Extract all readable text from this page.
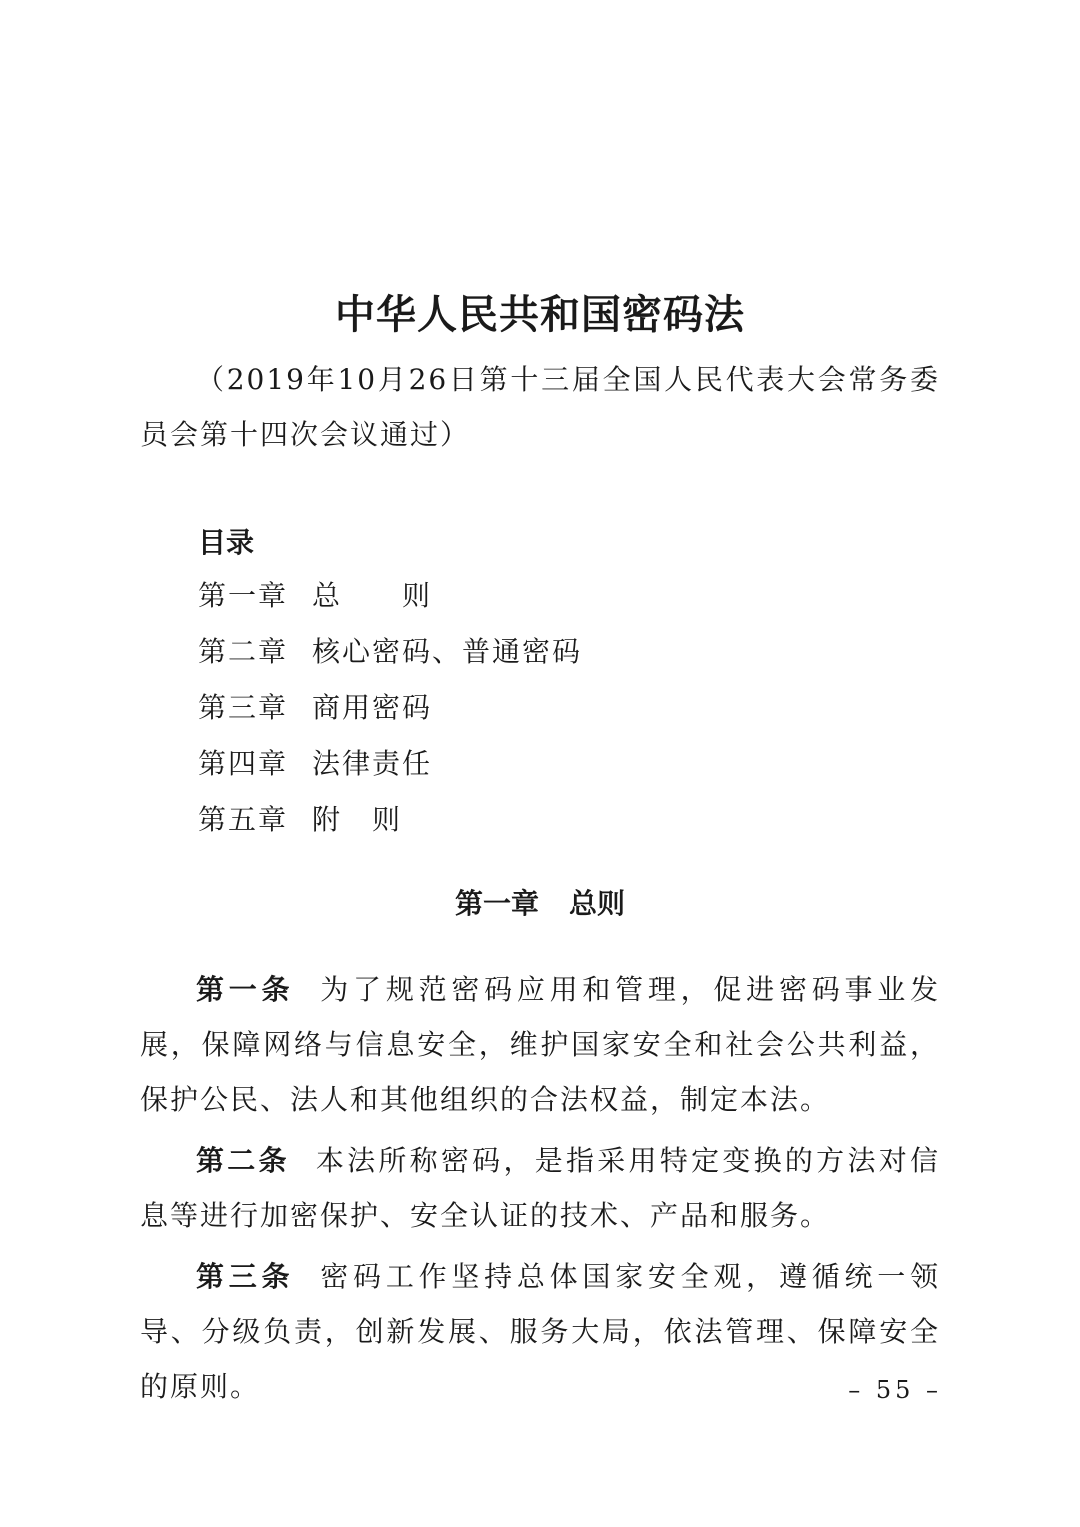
中华人民共和国密码法

（2019年10月26日第十三届全国人民代表大会常务委员会第十四次会议通过）

目录
第一章 总　　则
第二章 核心密码、普通密码
第三章 商用密码
第四章 法律责任
第五章 附　则
第一章 总则

第一条 为了规范密码应用和管理，促进密码事业发展，保障网络与信息安全，维护国家安全和社会公共利益，保护公民、法人和其他组织的合法权益，制定本法。

第二条 本法所称密码，是指采用特定变换的方法对信息等进行加密保护、安全认证的技术、产品和服务。

第三条 密码工作坚持总体国家安全观，遵循统一领导、分级负责，创新发展、服务大局，依法管理、保障安全的原则。	– 55 –
